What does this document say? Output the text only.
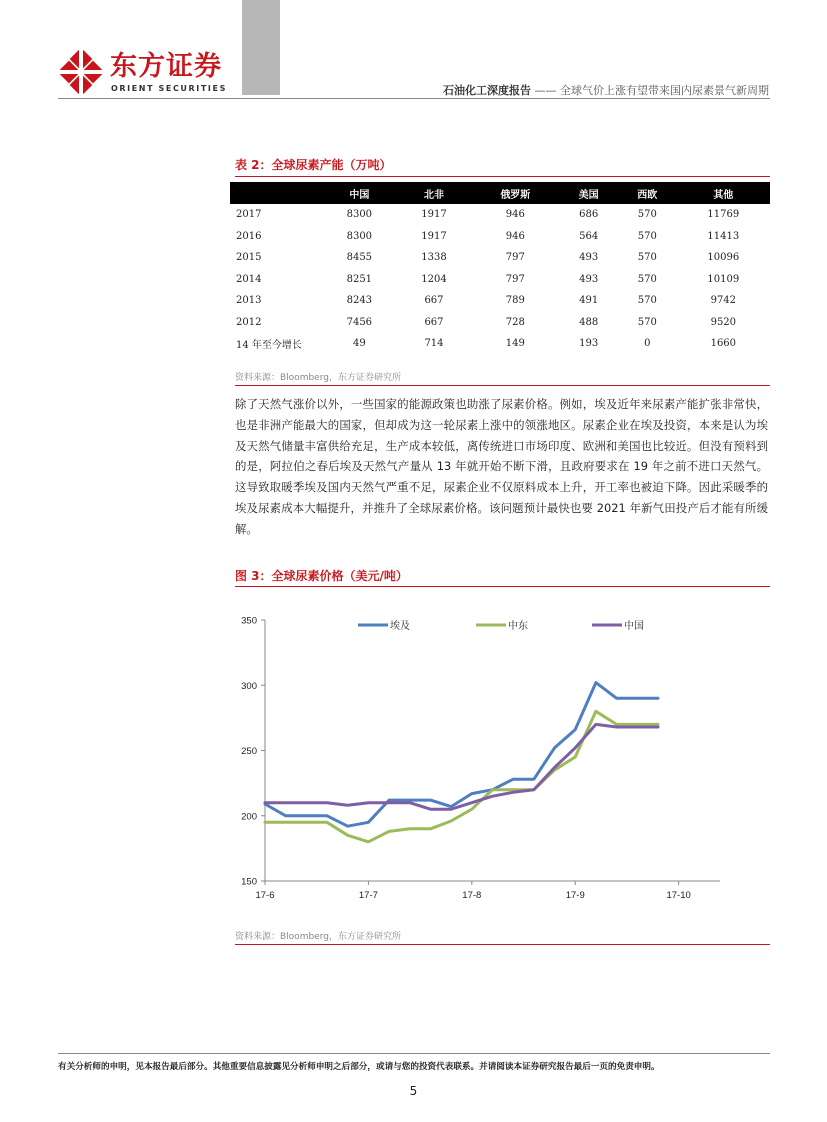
东方证券
ORIENT SECURITIES	石油化工深度报告 —— 全球气价上涨有望带来国内尿素景气新周期
表 2：全球尿素产能（万吨）
	中国	北非	俄罗斯	美国	西欧	其他
2017	8300	1917	946	686	570	11769
2016	8300	1917	946	564	570	11413
2015	8455	1338	797	493	570	10096
2014	8251	1204	797	493	570	10109
2013	8243	667	789	491	570	9742
2012	7456	667	728	488	570	9520
14 年至今增长	49	714	149	193	0	1660
资料来源：Bloomberg，东方证券研究所

除了天然气涨价以外，一些国家的能源政策也助涨了尿素价格。例如，埃及近年来尿素产能扩张非常快，也是非洲产能最大的国家，但却成为这一轮尿素上涨中的领涨地区。尿素企业在埃及投资，本来是认为埃及天然气储量丰富供给充足，生产成本较低，离传统进口市场印度、欧洲和美国也比较近。但没有预料到的是，阿拉伯之春后埃及天然气产量从 13 年就开始不断下滑，且政府要求在 19 年之前不进口天然气。这导致取暖季埃及国内天然气严重不足，尿素企业不仅原料成本上升，开工率也被迫下降。因此采暖季的埃及尿素成本大幅提升，并推升了全球尿素价格。该问题预计最快也要 2021 年新气田投产后才能有所缓解。

图 3：全球尿素价格（美元/吨）
150
200
250
300
350
17-6	17-7	17-8	17-9	17-10
埃及	中东	中国
资料来源：Bloomberg，东方证券研究所
有关分析师的申明，见本报告最后部分。其他重要信息披露见分析师申明之后部分，或请与您的投资代表联系。并请阅读本证券研究报告最后一页的免责申明。
5
